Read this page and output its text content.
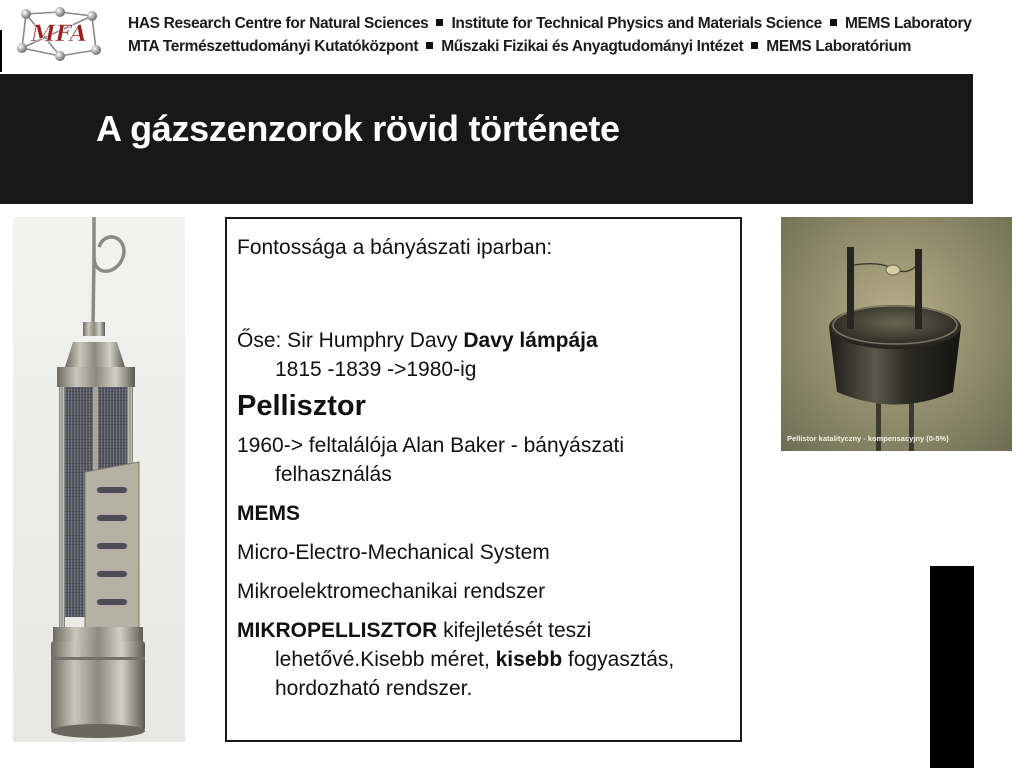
MFA	HAS Research Centre for Natural Sciences Institute for Technical Physics and Materials Science MEMS Laboratory
MTA Természettudományi Kutatóközpont Műszaki Fizikai és Anyagtudományi Intézet MEMS Laboratórium
A gázszenzorok rövid története

Fontossága a bányászati iparban:

Őse: Sir Humphry Davy Davy lámpája
1815 -1839 ->1980-ig

Pellisztor

1960-> feltalálója Alan Baker - bányászati felhasználás

MEMS

Micro-Electro-Mechanical System

Mikroelektromechanikai rendszer

MIKROPELLISZTOR kifejletését teszi lehetővé.Kisebb méret, kisebb fogyasztás, hordozható rendszer.

Pellistor katalityczny - kompensacyjny (0-5%)
